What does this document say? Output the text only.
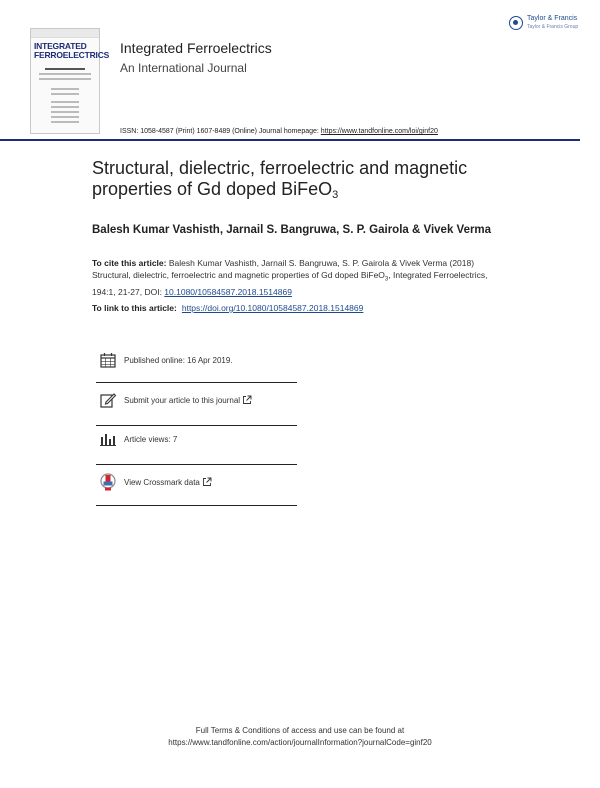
INTEGRATED
FERROELECTRICS Integrated Ferroelectrics
An International Journal
Taylor & Francis
Taylor & Francis Group
ISSN: 1058-4587 (Print) 1607-8489 (Online) Journal homepage: https://www.tandfonline.com/loi/ginf20
Structural, dielectric, ferroelectric and magnetic properties of Gd doped BiFeO$_3$
Balesh Kumar Vashisth, Jarnail S. Bangruwa, S. P. Gairola & Vivek Verma
To cite this article: Balesh Kumar Vashisth, Jarnail S. Bangruwa, S. P. Gairola & Vivek Verma (2018) Structural, dielectric, ferroelectric and magnetic properties of Gd doped BiFeO$_3$, Integrated Ferroelectrics, 194:1, 21-27, DOI: 10.1080/10584587.2018.1514869
To link to this article: https://doi.org/10.1080/10584587.2018.1514869
Published online: 16 Apr 2019.
Submit your article to this journal
Article views: 7
View Crossmark data
Full Terms & Conditions of access and use can be found at
https://www.tandfonline.com/action/journalInformation?journalCode=ginf20
